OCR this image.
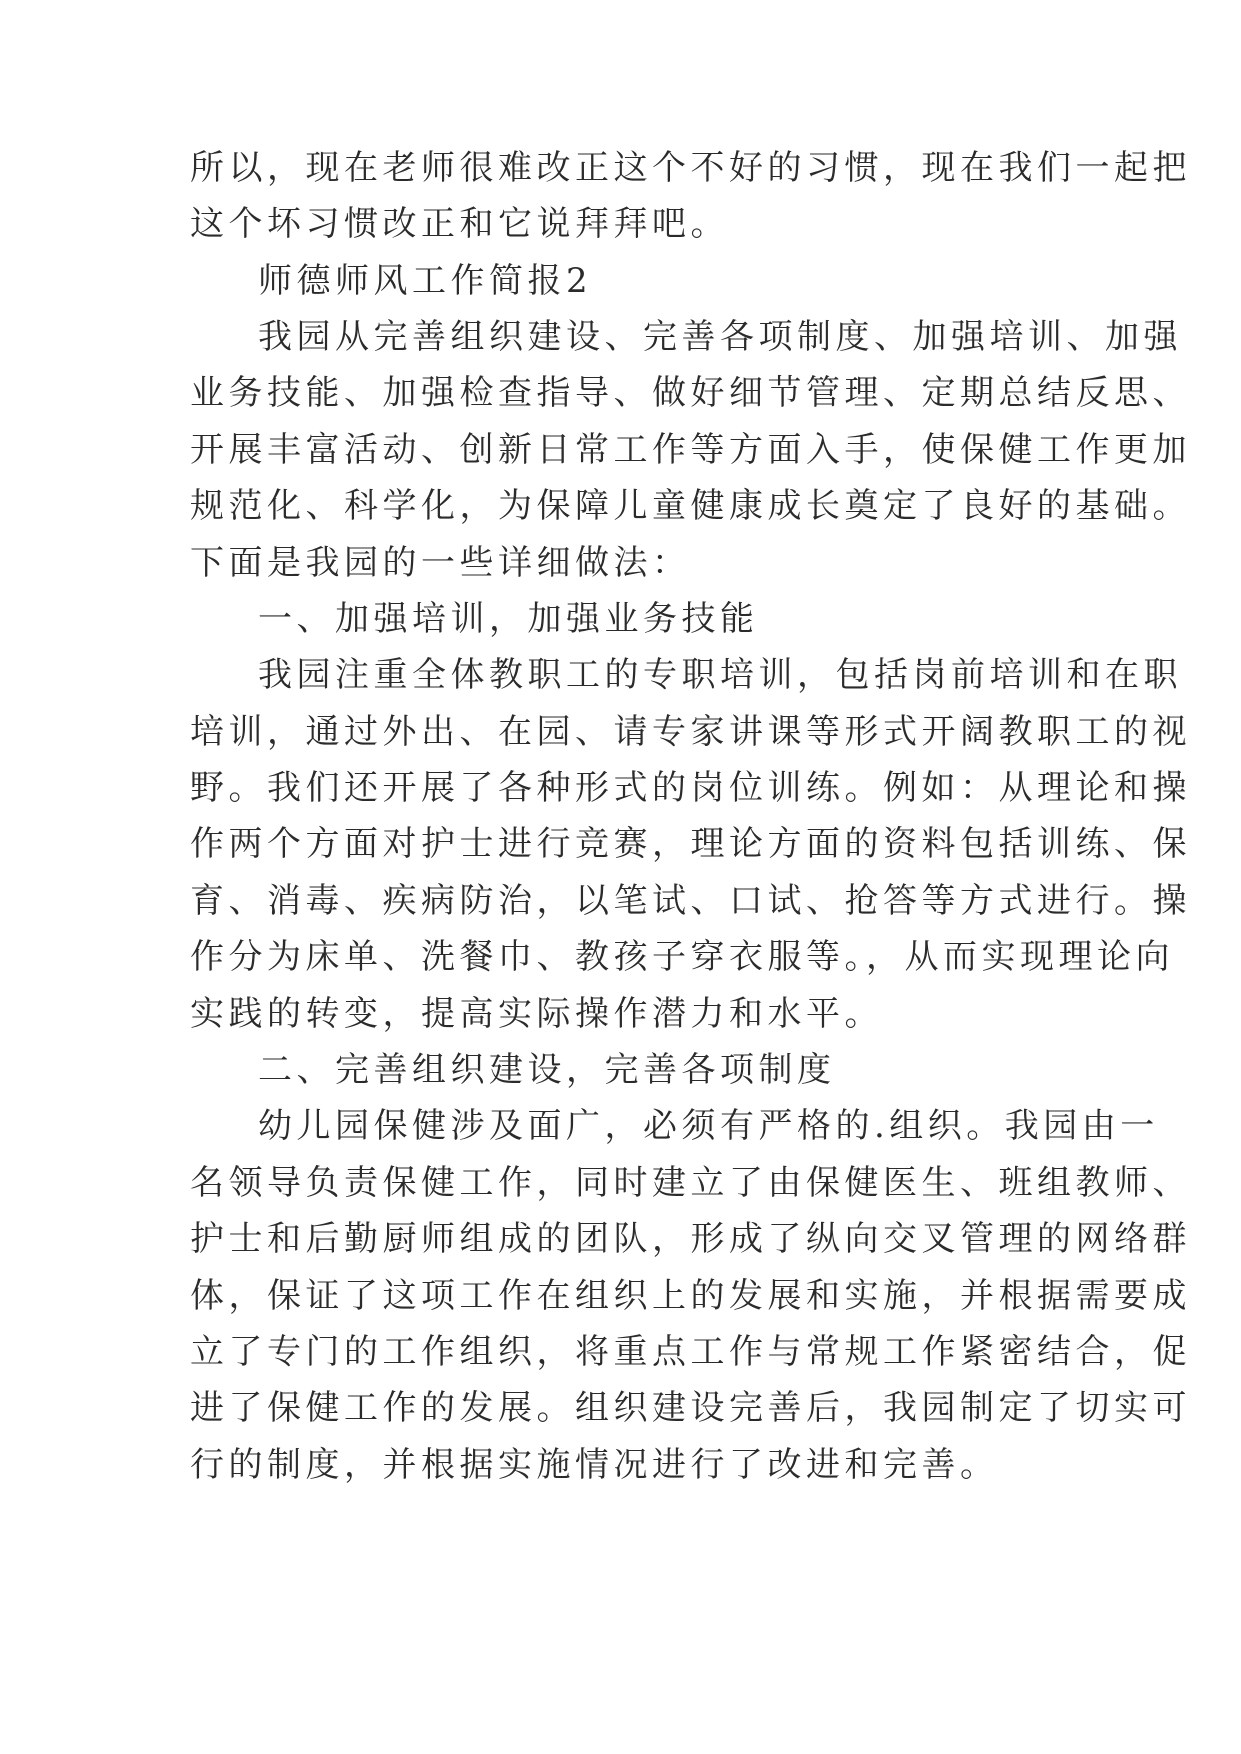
所以，现在老师很难改正这个不好的习惯，现在我们一起把
这个坏习惯改正和它说拜拜吧。
师德师风工作简报2
我园从完善组织建设、完善各项制度、加强培训、加强
业务技能、加强检查指导、做好细节管理、定期总结反思、
开展丰富活动、创新日常工作等方面入手，使保健工作更加
规范化、科学化，为保障儿童健康成长奠定了良好的基础。
下面是我园的一些详细做法：
一、加强培训，加强业务技能
我园注重全体教职工的专职培训，包括岗前培训和在职
培训，通过外出、在园、请专家讲课等形式开阔教职工的视
野。我们还开展了各种形式的岗位训练。例如：从理论和操
作两个方面对护士进行竞赛，理论方面的资料包括训练、保
育、消毒、疾病防治，以笔试、口试、抢答等方式进行。操
作分为床单、洗餐巾、教孩子穿衣服等。，从而实现理论向
实践的转变，提高实际操作潜力和水平。
二、完善组织建设，完善各项制度
幼儿园保健涉及面广，必须有严格的.组织。我园由一
名领导负责保健工作，同时建立了由保健医生、班组教师、
护士和后勤厨师组成的团队，形成了纵向交叉管理的网络群
体，保证了这项工作在组织上的发展和实施，并根据需要成
立了专门的工作组织，将重点工作与常规工作紧密结合，促
进了保健工作的发展。组织建设完善后，我园制定了切实可
行的制度，并根据实施情况进行了改进和完善。
